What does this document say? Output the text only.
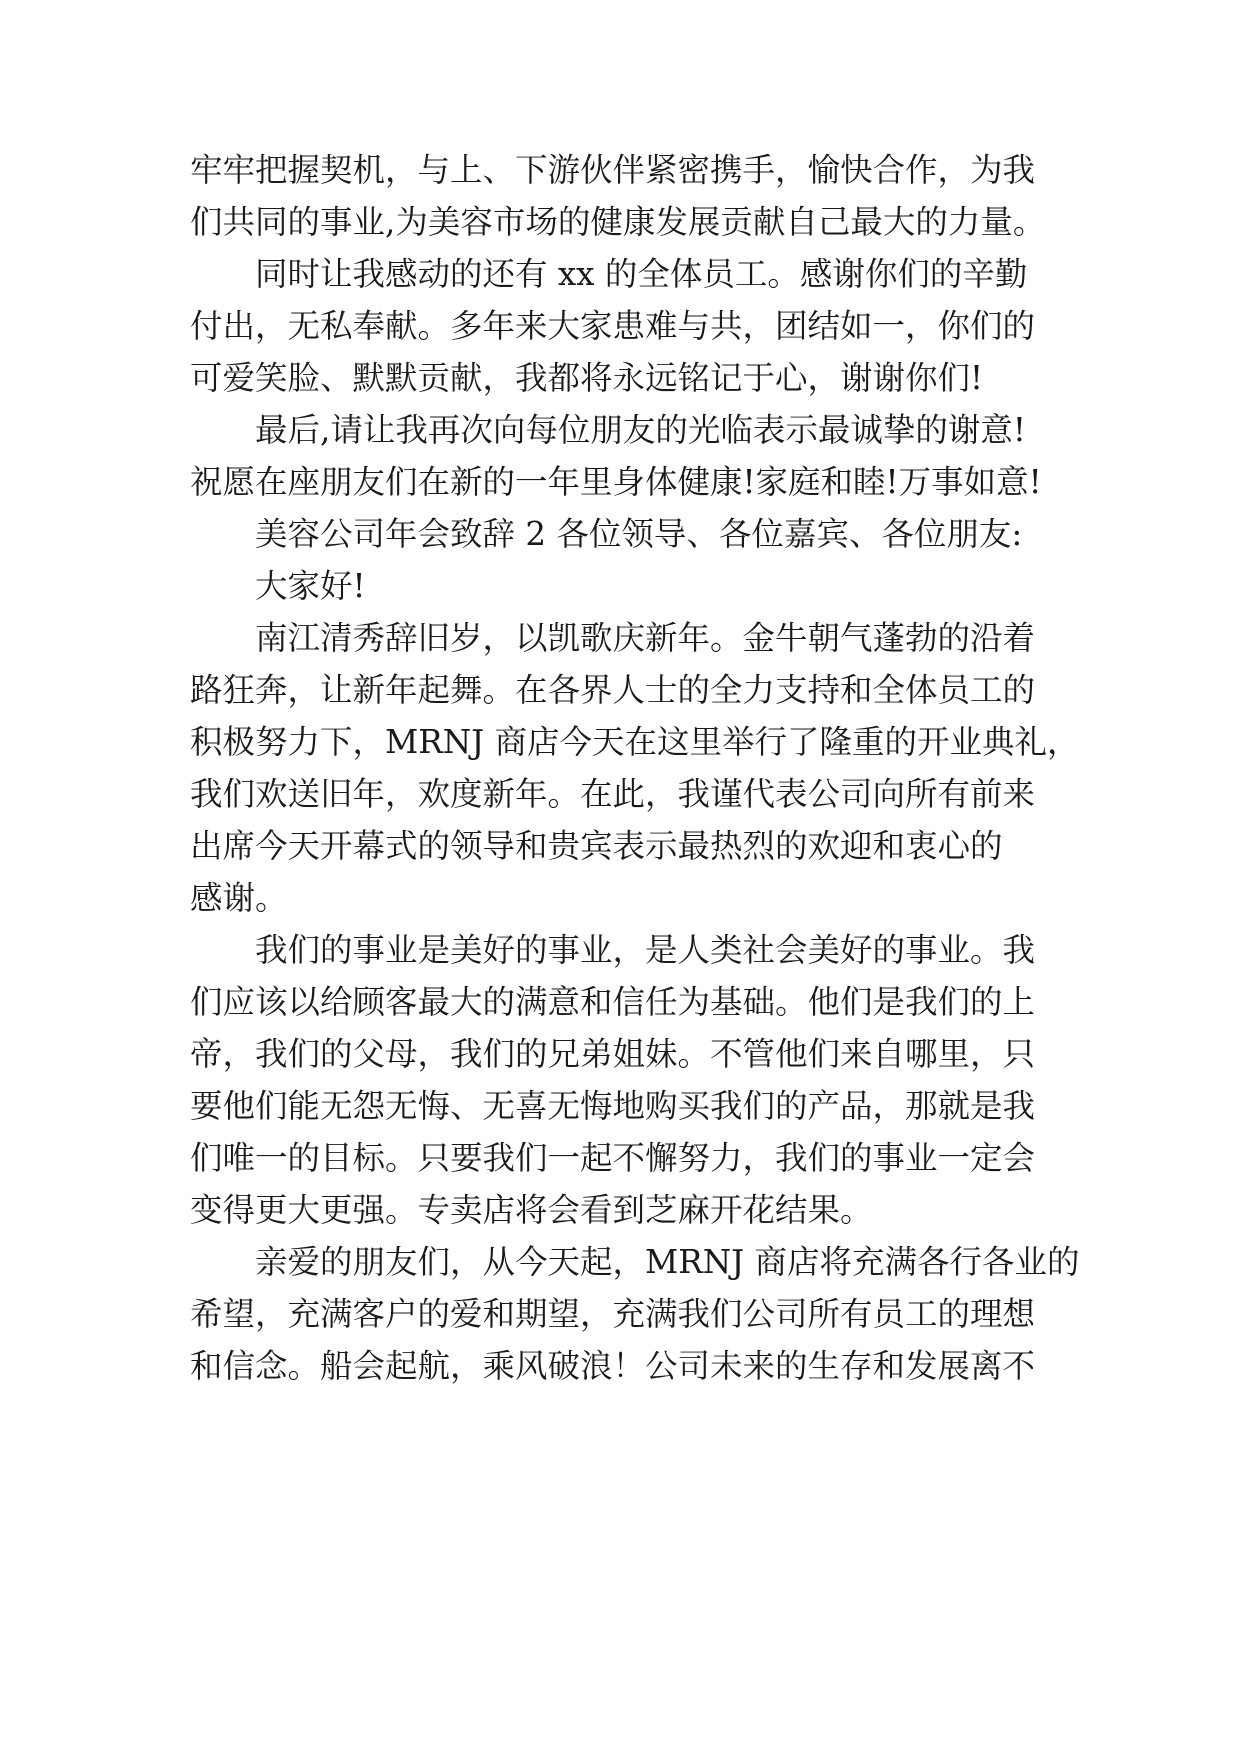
牢牢把握契机，与上、下游伙伴紧密携手，愉快合作，为我
们共同的事业,为美容市场的健康发展贡献自己最大的力量。
同时让我感动的还有 xx 的全体员工。感谢你们的辛勤
付出，无私奉献。多年来大家患难与共，团结如一，你们的
可爱笑脸、默默贡献，我都将永远铭记于心，谢谢你们!
最后,请让我再次向每位朋友的光临表示最诚挚的谢意!
祝愿在座朋友们在新的一年里身体健康!家庭和睦!万事如意!
美容公司年会致辞 2 各位领导、各位嘉宾、各位朋友:
大家好!
南江清秀辞旧岁，以凯歌庆新年。金牛朝气蓬勃的沿着
路狂奔，让新年起舞。在各界人士的全力支持和全体员工的
积极努力下，MRNJ 商店今天在这里举行了隆重的开业典礼，
我们欢送旧年，欢度新年。在此，我谨代表公司向所有前来
出席今天开幕式的领导和贵宾表示最热烈的欢迎和衷心的
感谢。
我们的事业是美好的事业，是人类社会美好的事业。我
们应该以给顾客最大的满意和信任为基础。他们是我们的上
帝，我们的父母，我们的兄弟姐妹。不管他们来自哪里，只
要他们能无怨无悔、无喜无悔地购买我们的产品，那就是我
们唯一的目标。只要我们一起不懈努力，我们的事业一定会
变得更大更强。专卖店将会看到芝麻开花结果。
亲爱的朋友们，从今天起，MRNJ 商店将充满各行各业的
希望，充满客户的爱和期望，充满我们公司所有员工的理想
和信念。船会起航，乘风破浪！公司未来的生存和发展离不
